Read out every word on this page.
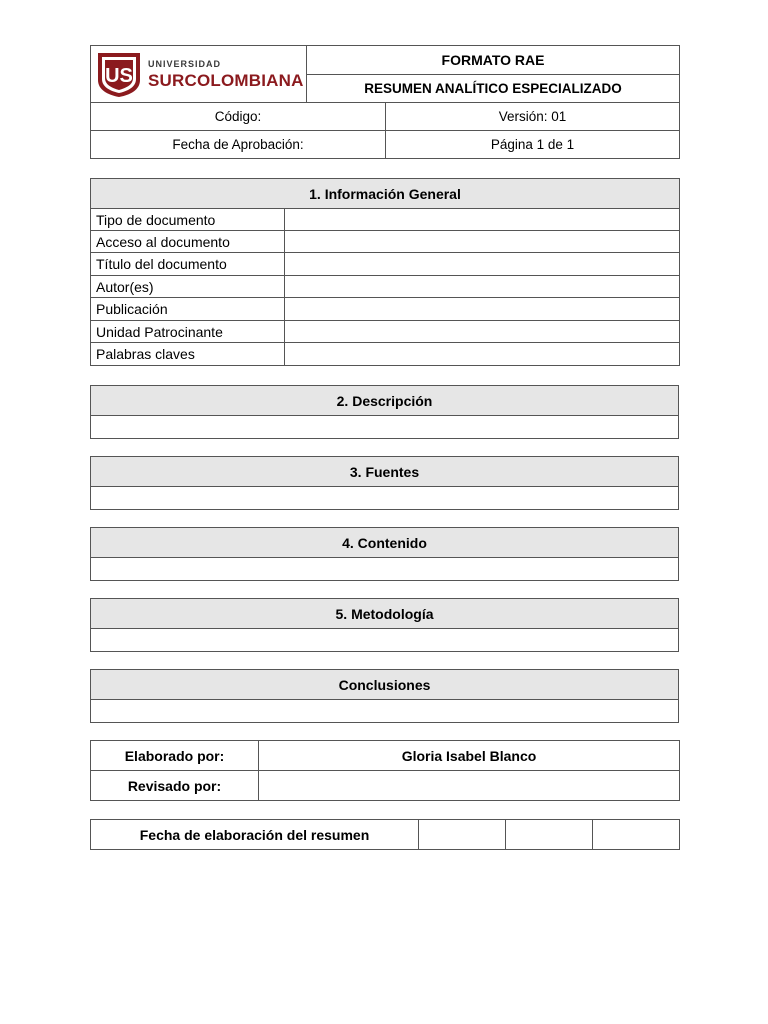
US
UNIVERSIDAD
SURCOLOMBIANA	FORMATO RAE	
	RESUMEN ANALÍTICO ESPECIALIZADO	
Código:		Versión: 01
Fecha de Aprobación:		Página 1 de 1
1. Información General	
Tipo de documento	
Acceso al documento	
Título del documento	
Autor(es)	
Publicación	
Unidad Patrocinante	
Palabras claves	
2. Descripción

3. Fuentes

4. Contenido

5. Metodología

Conclusiones

Elaborado por:	Gloria Isabel Blanco
Revisado por:	
Fecha de elaboración del resumen			
